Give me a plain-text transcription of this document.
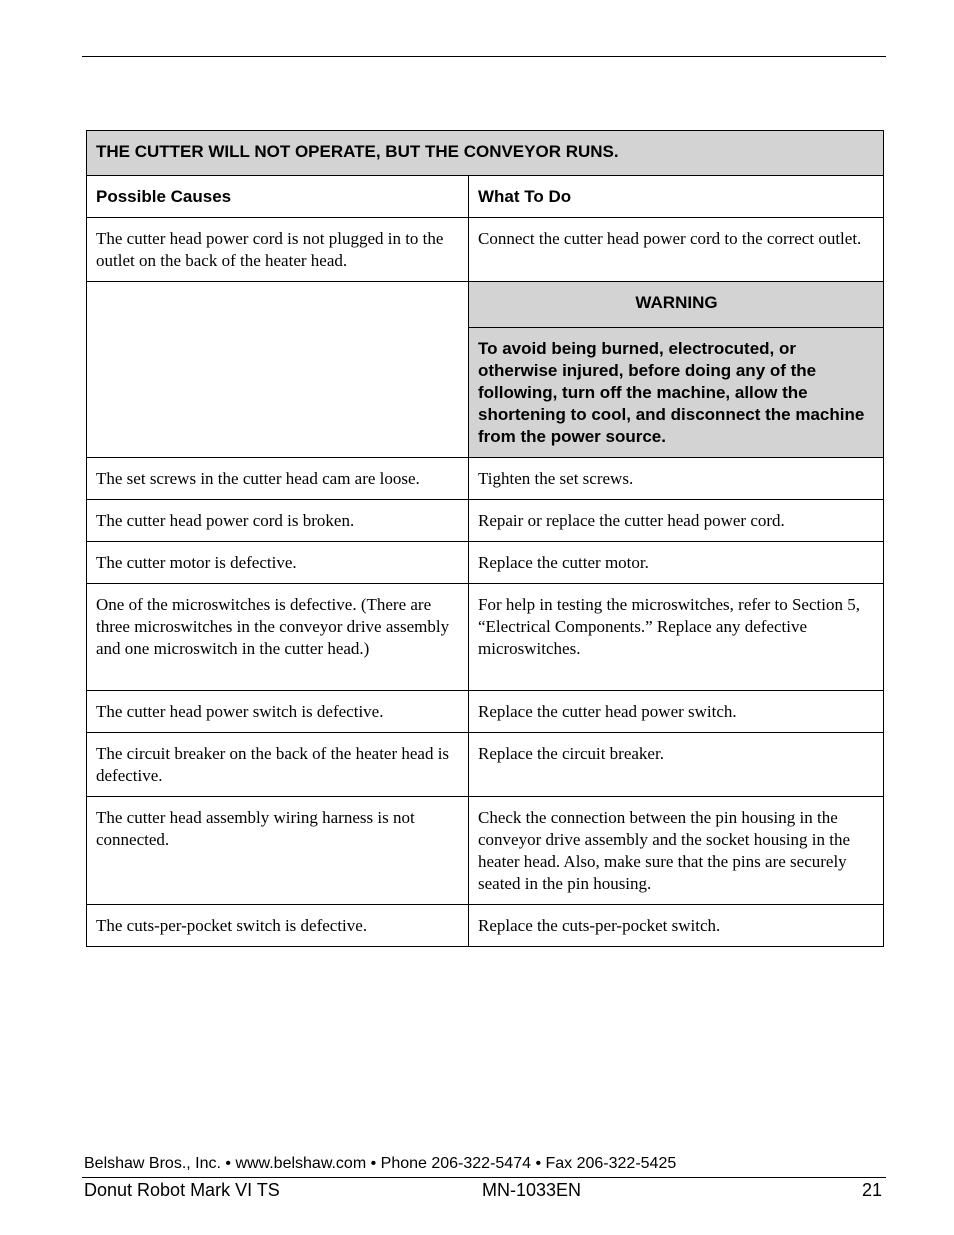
THE CUTTER WILL NOT OPERATE, BUT THE CONVEYOR RUNS.	
Possible Causes	What To Do
The cutter head power cord is not plugged in to the outlet on the back of the heater head.	Connect the cutter head power cord to the correct outlet.
	WARNING
	To avoid being burned, electrocuted, or otherwise injured, before doing any of the following, turn off the machine, allow the shortening to cool, and disconnect the machine from the power source.
The set screws in the cutter head cam are loose.	Tighten the set screws.
The cutter head power cord is broken.	Repair or replace the cutter head power cord.
The cutter motor is defective.	Replace the cutter motor.
One of the microswitches is defective. (There are three microswitches in the conveyor drive assembly and one microswitch in the cutter head.)	For help in testing the microswitches, refer to Section 5, “Electrical Components.” Replace any defective microswitches.
The cutter head power switch is defective.	Replace the cutter head power switch.
The circuit breaker on the back of the heater head is defective.	Replace the circuit breaker.
The cutter head assembly wiring harness is not connected.	Check the connection between the pin housing in the conveyor drive assembly and the socket housing in the heater head. Also, make sure that the pins are securely seated in the pin housing.
The cuts-per-pocket switch is defective.	Replace the cuts-per-pocket switch.
Belshaw Bros., Inc. • www.belshaw.com • Phone 206-322-5474 • Fax 206-322-5425
Donut Robot Mark VI TS	MN-1033EN	21
